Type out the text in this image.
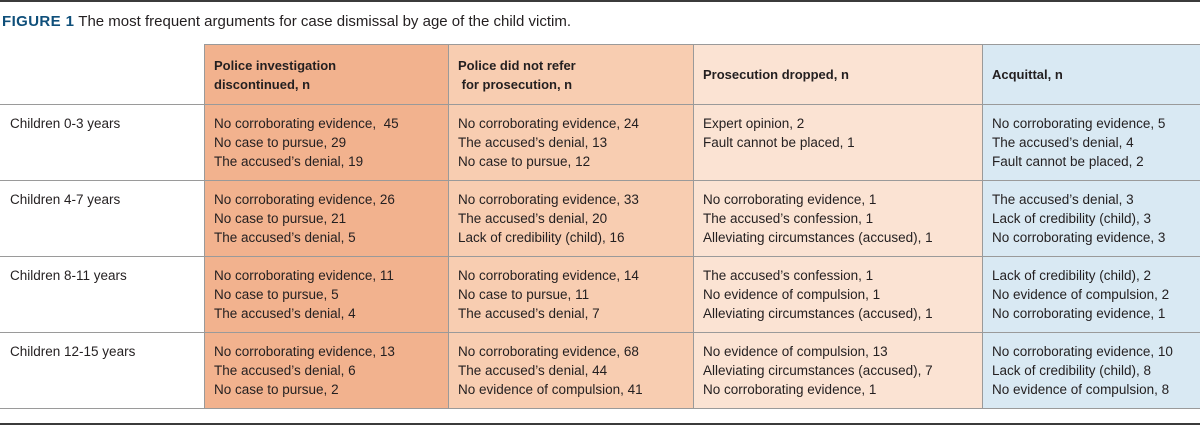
FIGURE 1 The most frequent arguments for case dismissal by age of the child victim.

	Police investigation
discontinued, n	Police did not refer
for prosecution, n	Prosecution dropped, n	Acquittal, n

Children 0-3 years	No corroborating evidence,  45
No case to pursue, 29
The accused’s denial, 19	No corroborating evidence, 24
The accused’s denial, 13
No case to pursue, 12	Expert opinion, 2
Fault cannot be placed, 1	No corroborating evidence, 5
The accused’s denial, 4
Fault cannot be placed, 2

Children 4-7 years	No corroborating evidence, 26
No case to pursue, 21
The accused’s denial, 5	No corroborating evidence, 33
The accused’s denial, 20
Lack of credibility (child), 16	No corroborating evidence, 1
The accused’s confession, 1
Alleviating circumstances (accused), 1	The accused’s denial, 3
Lack of credibility (child), 3
No corroborating evidence, 3

Children 8-11 years	No corroborating evidence, 11
No case to pursue, 5
The accused’s denial, 4	No corroborating evidence, 14
No case to pursue, 11
The accused’s denial, 7	The accused’s confession, 1
No evidence of compulsion, 1
Alleviating circumstances (accused), 1	Lack of credibility (child), 2
No evidence of compulsion, 2
No corroborating evidence, 1

Children 12-15 years	No corroborating evidence, 13
The accused’s denial, 6
No case to pursue, 2	No corroborating evidence, 68
The accused’s denial, 44
No evidence of compulsion, 41	No evidence of compulsion, 13
Alleviating circumstances (accused), 7
No corroborating evidence, 1	No corroborating evidence, 10
Lack of credibility (child), 8
No evidence of compulsion, 8
